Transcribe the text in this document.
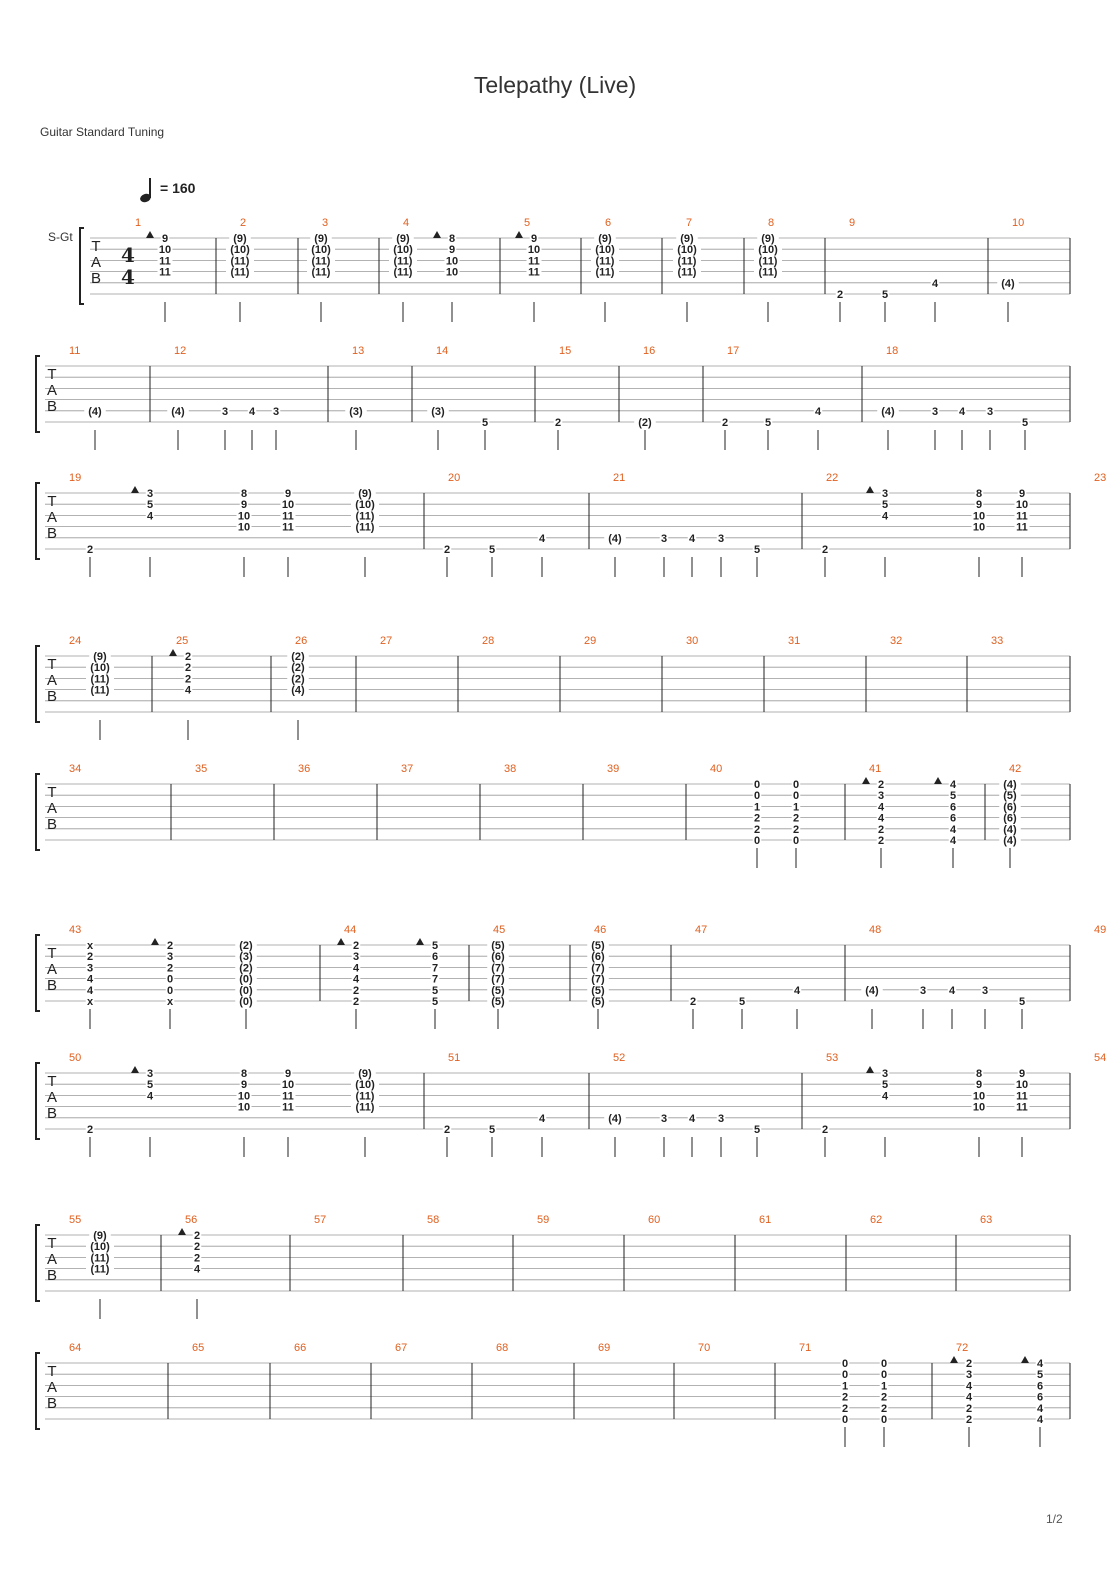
Telepathy (Live)
Guitar Standard Tuning
= 160
T
A
B
4
4
1
9
10
11
11
2
(9)
(10)
(11)
(11)
3
(9)
(10)
(11)
(11)
4
(9)
(10)
(11)
(11)
8
9
10
10
5
9
10
11
11
6
(9)
(10)
(11)
(11)
7
(9)
(10)
(11)
(11)
8
(9)
(10)
(11)
(11)
9
2	5
4
10
(4)
S-Gt
T
A
B
11
(4)
12
(4)	3 4 3
13
(3)
14
(3)
5
15
2
16
(2)
17
2	5
4
18
(4)	3 4 3
5
T
A
B
19
2
3
5
4
8
9
10
10
9
10
11
11
20
(9)
(10)
(11)
(11)
21
2	5
4
22
(4)	3 4 3
5
23
2
3
5
4
8
9
10
10
9
10
11
11
T
A
B
24
(9)
(10)
(11)
(11)
25
2
2
2
4
26
(2)
(2)
(2)
(4)
27	28	29	30	31	32	33
T
A
B
34	35	36	37	38	39	40
0
0
1
2
2
0
0
0
1
2
2
0
41
2
3
4
4
2
2
4
5
6
6
4
4
42
(4)
(5)
(6)
(6)
(4)
(4)
T
A
B
43
x
2
3
4
4
x
2
3
2
0
0
x
44
(2)
(3)
(2)
(0)
(0)
(0)
45
2
3
4
4
2
2
5
6
7
7
5
5
46
(5)
(6)
(7)
(7)
(5)
(5)
47
(5)
(6)
(7)
(7)
(5)
(5)
48
2	5
4
49
(4)	3 4 3
5
T
A
B
50
2
3
5
4
8
9
10
10
9
10
11
11
51
(9)
(10)
(11)
(11)
52
2	5
4
53
(4)	3 4 3
5
54
2
3
5
4
8
9
10
10
9
10
11
11
T
A
B
55
(9)
(10)
(11)
(11)
56
2
2
2
4
57	58	59	60	61	62	63
T
A
B
64	65	66	67	68	69	70	71
0
0
1
2
2
0
0
0
1
2
2
0
72
2
3
4
4
2
2
4
5
6
6
4
4
1/2
